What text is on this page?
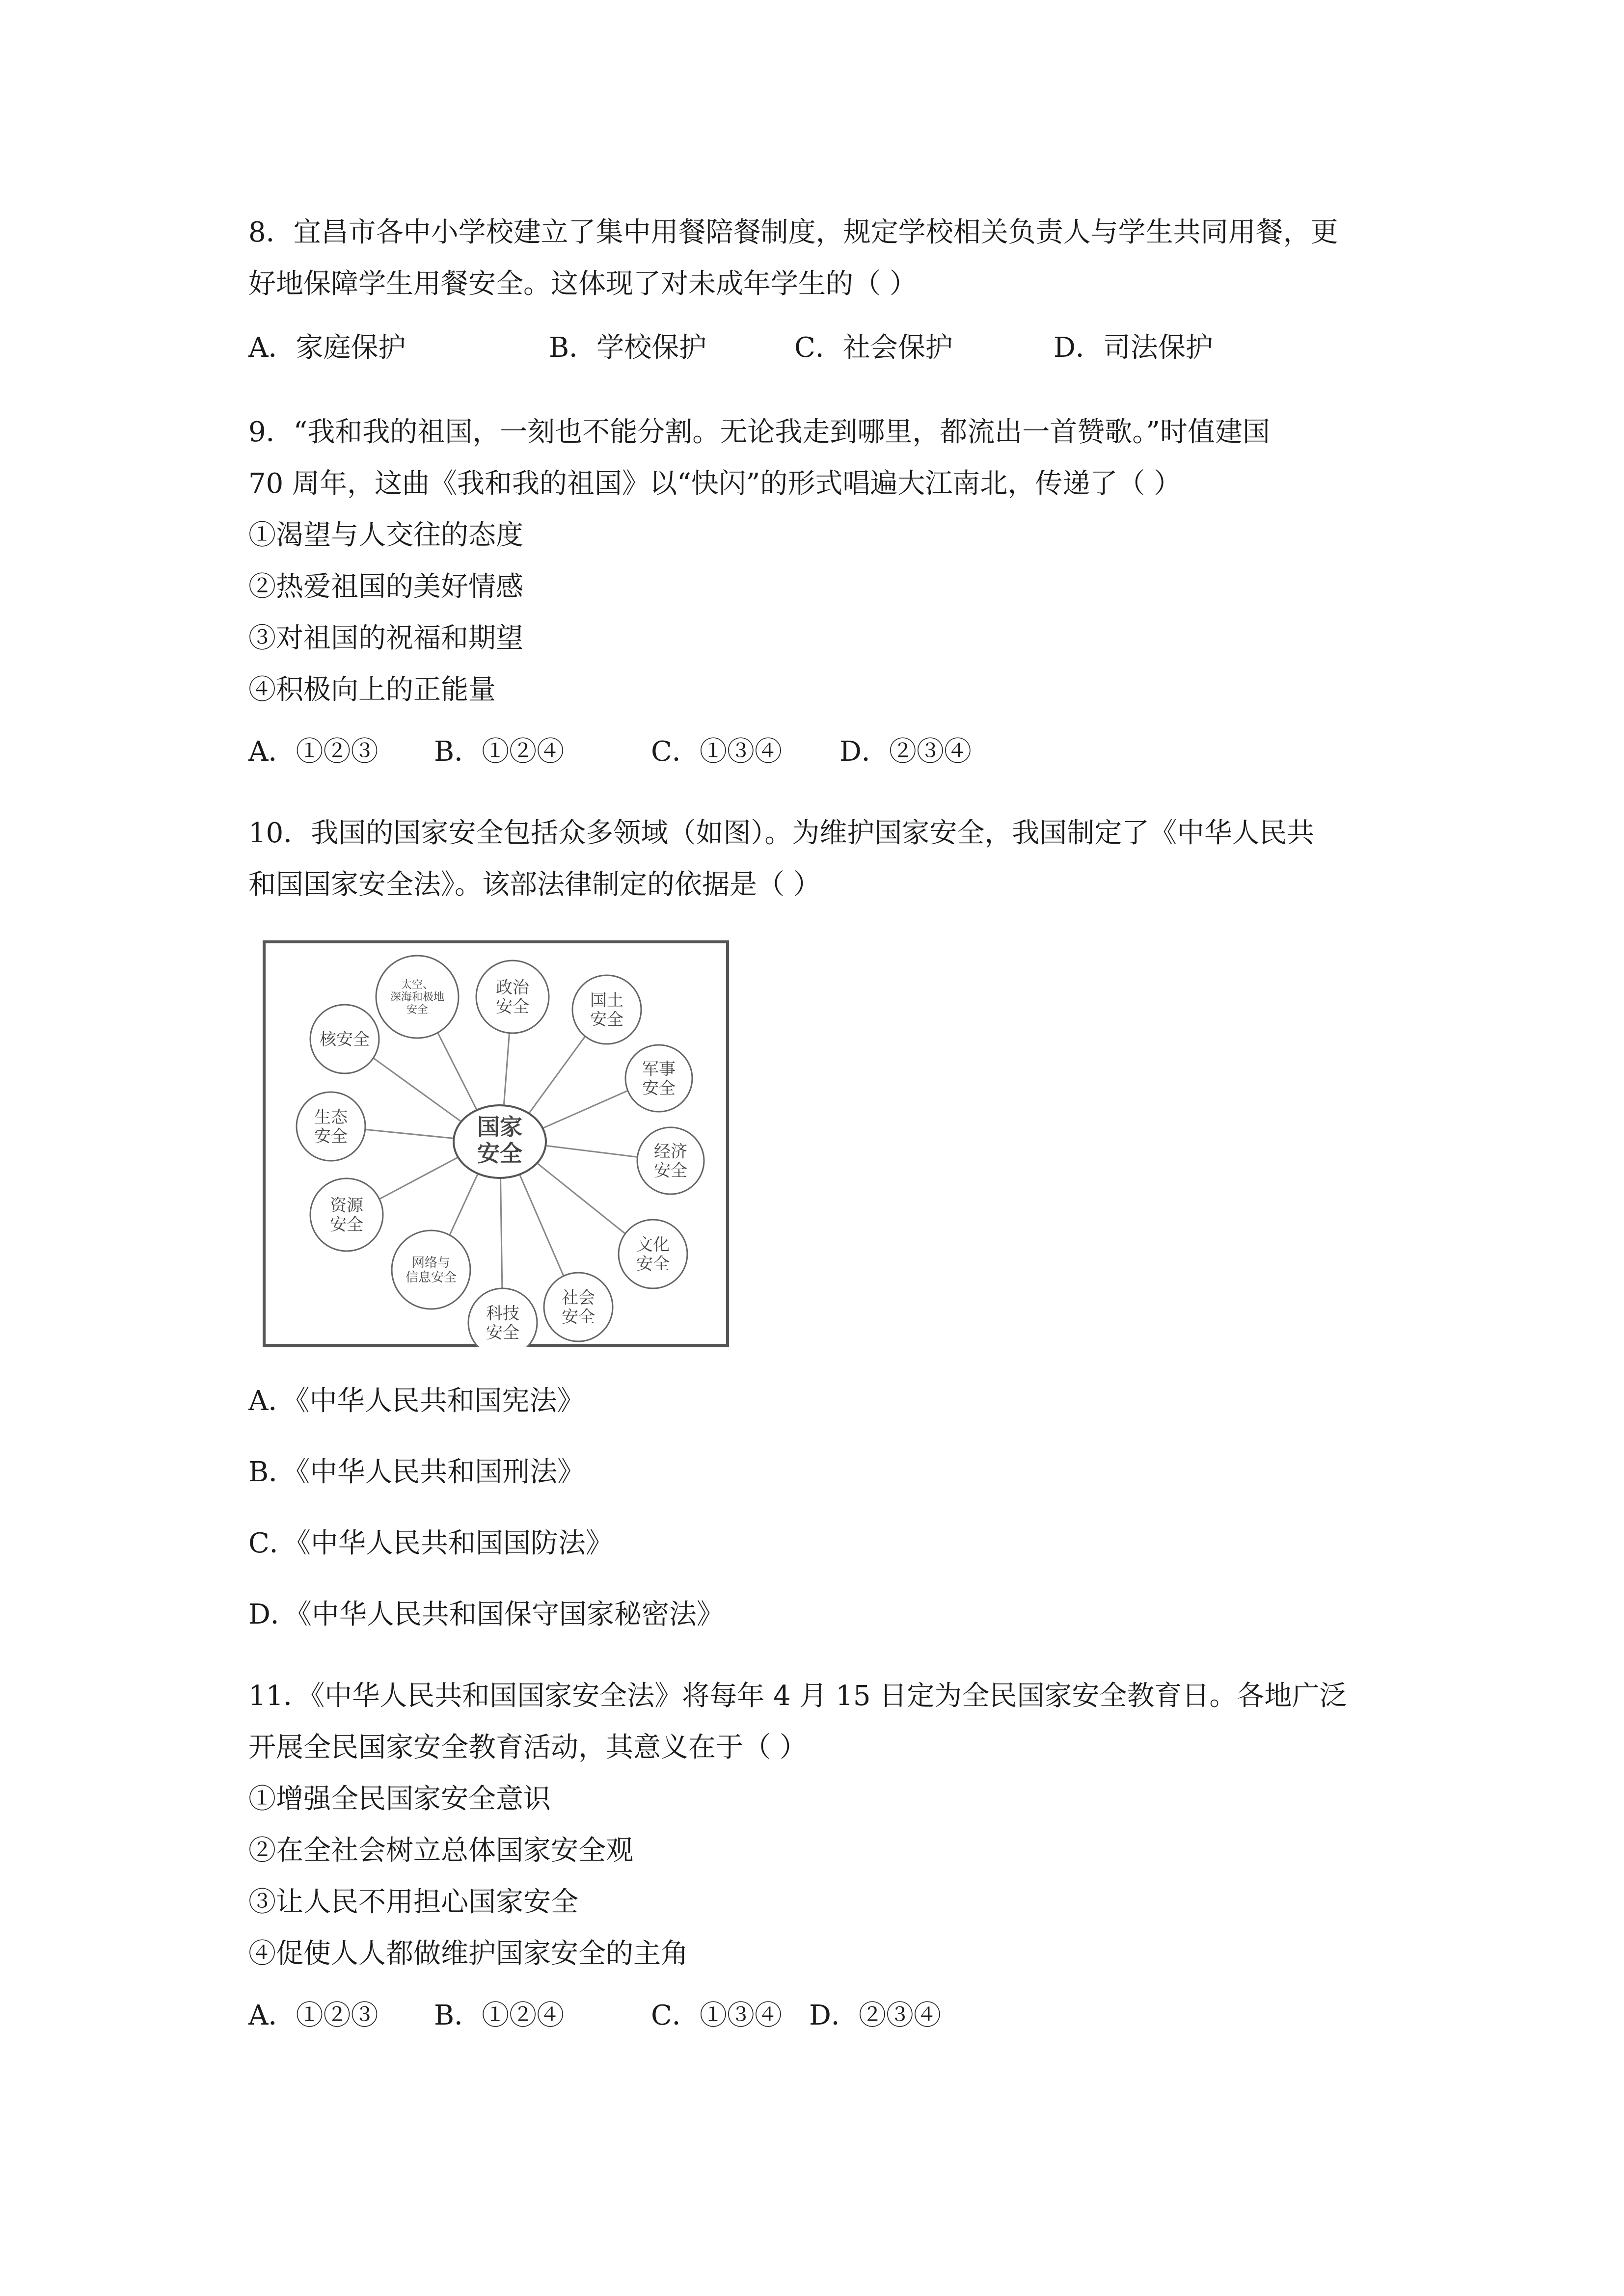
8．宜昌市各中小学校建立了集中用餐陪餐制度，规定学校相关负责人与学生共同用餐，更
好地保障学生用餐安全。这体现了对未成年学生的（ ）
A．家庭保护	B．学校保护	C．社会保护	D．司法保护
9．“我和我的祖国，一刻也不能分割。无论我走到哪里，都流出一首赞歌。”时值建国
70 周年，这曲《我和我的祖国》以“快闪”的形式唱遍大江南北，传递了（ ）
①渴望与人交往的态度
②热爱祖国的美好情感
③对祖国的祝福和期望
④积极向上的正能量
A．①②③ B．①②④	C．①③④ D．②③④
10．我国的国家安全包括众多领域（如图）。为维护国家安全，我国制定了《中华人民共
和国国家安全法》。该部法律制定的依据是（ ）
政治安全	国土安全
军事安全
经济安全
文化安全
社会安全
科技安全
网络与信息安全
资源安全
生态安全
核安全
太空、深海和极地安全
国家
安全
A．《中华人民共和国宪法》
B．《中华人民共和国刑法》
C．《中华人民共和国国防法》
D．《中华人民共和国保守国家秘密法》
11．《中华人民共和国国家安全法》将每年 4 月 15 日定为全民国家安全教育日。各地广泛
开展全民国家安全教育活动，其意义在于（ ）
①增强全民国家安全意识
②在全社会树立总体国家安全观
③让人民不用担心国家安全
④促使人人都做维护国家安全的主角
A．①②③ B．①②④	C．①③④ D．②③④
